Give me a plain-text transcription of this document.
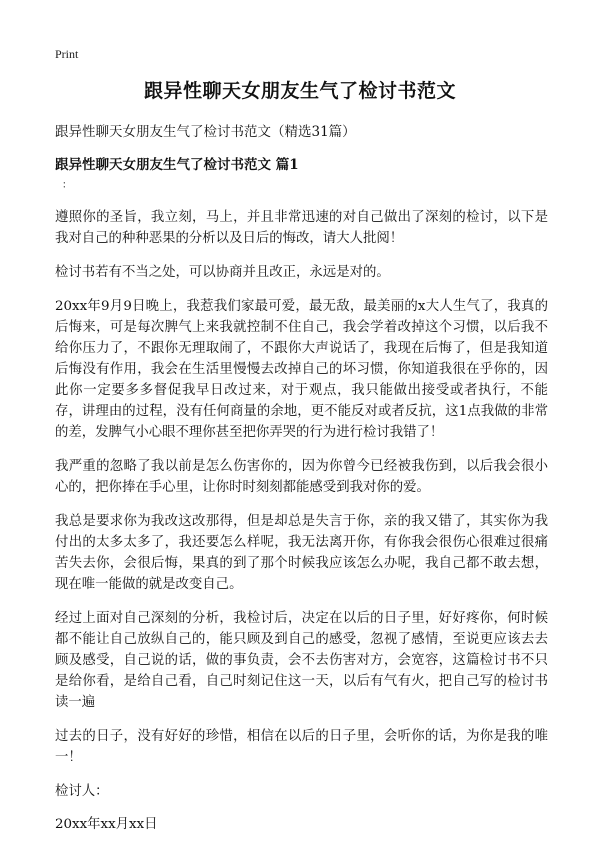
Print
跟异性聊天女朋友生气了检讨书范文
跟异性聊天女朋友生气了检讨书范文（精选31篇）
跟异性聊天女朋友生气了检讨书范文 篇1
：

遵照你的圣旨，我立刻，马上，并且非常迅速的对自己做出了深刻的检讨，以下是我对自己的种种恶果的分析以及日后的悔改，请大人批阅！

检讨书若有不当之处，可以协商并且改正，永远是对的。

20xx年9月9日晚上，我惹我们家最可爱，最无敌，最美丽的x大人生气了，我真的后悔来，可是每次脾气上来我就控制不住自己，我会学着改掉这个习惯，以后我不给你压力了，不跟你无理取闹了，不跟你大声说话了，我现在后悔了，但是我知道后悔没有作用，我会在生活里慢慢去改掉自己的坏习惯，你知道我很在乎你的，因此你一定要多多督促我早日改过来，对于观点，我只能做出接受或者执行，不能存，讲理由的过程，没有任何商量的余地，更不能反对或者反抗，这1点我做的非常的差，发脾气小心眼不理你甚至把你弄哭的行为进行检讨我错了！

我严重的忽略了我以前是怎么伤害你的，因为你曾今已经被我伤到，以后我会很小心的，把你捧在手心里，让你时时刻刻都能感受到我对你的爱。

我总是要求你为我改这改那得，但是却总是失言于你，亲的我又错了，其实你为我付出的太多太多了，我还要怎么样呢，我无法离开你，有你我会很伤心很难过很痛苦失去你，会很后悔，果真的到了那个时候我应该怎么办呢，我自己都不敢去想，现在唯一能做的就是改变自己。

经过上面对自己深刻的分析，我检讨后，决定在以后的日子里，好好疼你，何时候都不能让自己放纵自己的，能只顾及到自己的感受，忽视了感情，至说更应该去去顾及感受，自己说的话，做的事负责，会不去伤害对方，会宽容，这篇检讨书不只是给你看，是给自己看，自己时刻记住这一天，以后有气有火，把自己写的检讨书读一遍

过去的日子，没有好好的珍惜，相信在以后的日子里，会听你的话，为你是我的唯一！

检讨人：

20xx年xx月xx日
